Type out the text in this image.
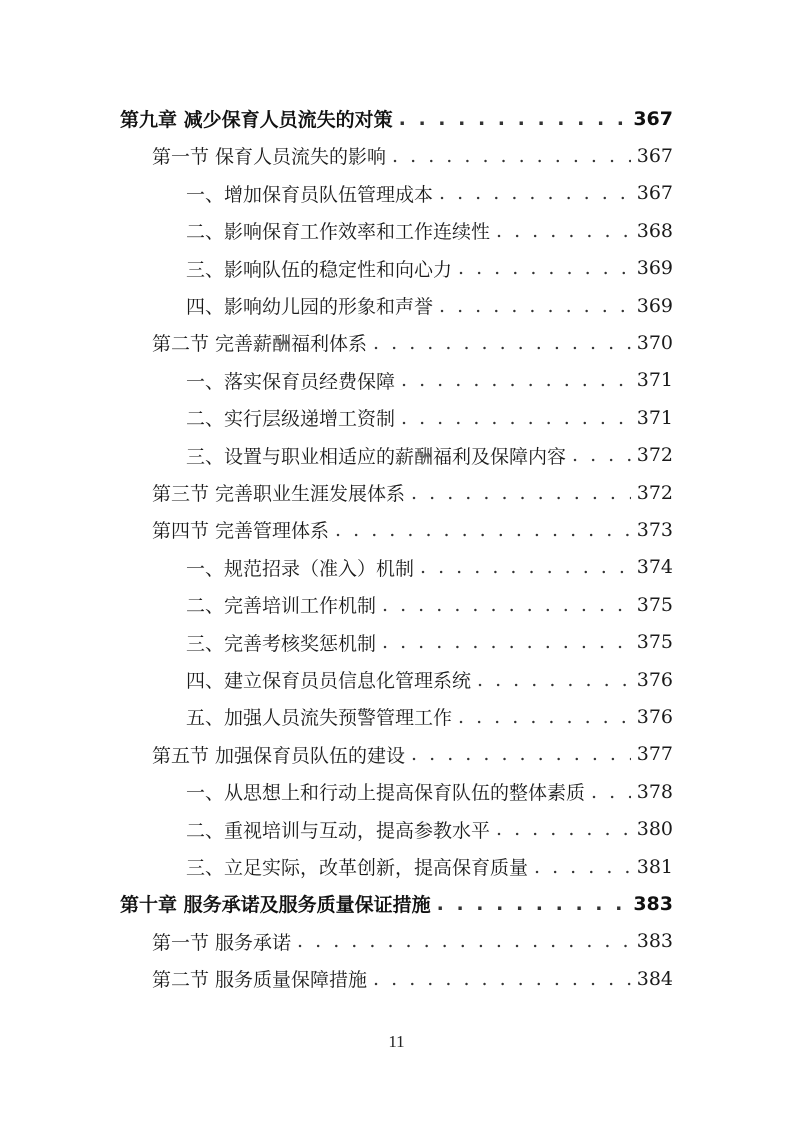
第九章 减少保育人员流失的对策 . . .	367
第一节 保育人员流失的影响 . . .	367
一、增加保育员队伍管理成本 . . .	367
二、影响保育工作效率和工作连续性 . . .	368
三、影响队伍的稳定性和向心力 . . .	369
四、影响幼儿园的形象和声誉 . . .	369
第二节 完善薪酬福利体系 . . .	370
一、落实保育员经费保障 . . .	371
二、实行层级递增工资制 . . .	371
三、设置与职业相适应的薪酬福利及保障内容 . . .	372
第三节 完善职业生涯发展体系 . . .	372
第四节 完善管理体系 . . .	373
一、规范招录（准入）机制 . . .	374
二、完善培训工作机制 . . .	375
三、完善考核奖惩机制 . . .	375
四、建立保育员员信息化管理系统 . . .	376
五、加强人员流失预警管理工作 . . .	376
第五节 加强保育员队伍的建设 . . .	377
一、从思想上和行动上提高保育队伍的整体素质 . . .	378
二、重视培训与互动，提高参教水平 . . .	380
三、立足实际，改革创新，提高保育质量 . . .	381
第十章 服务承诺及服务质量保证措施 . . .	383
第一节 服务承诺 . . .	383
第二节 服务质量保障措施 . . .	384
11
